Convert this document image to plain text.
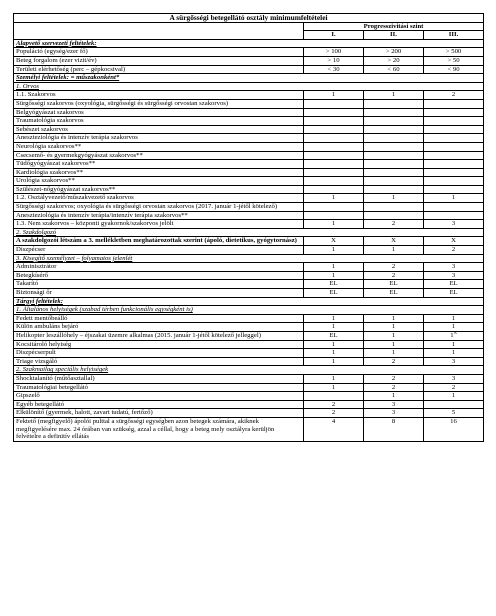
A sürgősségi betegellátó osztály minimumfeltételei			
	Progresszivitási szint		
	I.	II.	III.
Alapvető szervezeti feltételek:			
Populáció (egység/ezer fő)	> 100	> 200	> 500
Beteg forgalom (ezer vizit/év)	> 10	> 20	> 50
Területi elérhetőség (perc – gépkocsival)	< 30	< 60	< 90
Személyi feltételek: = műszakonként*			
1. Orvos			
1.1. Szakorvos	1	1	2
Sürgősségi szakorvos (oxyológia, sürgősségi és sürgősségi orvostan szakorvos)			
Belgyógyászat szakorvos			
Traumatológia szakorvos			
Sebészet szakorvos			
Aneszteziológia és intenzív terápia szakorvos			
Neurológia szakorvos**			
Csecsemő- és gyermekgyógyászat szakorvos**			
Tüdőgyógyászat szakorvos**			
Kardiológia szakorvos**			
Urológia szakorvos**			
Szülészet-nőgyógyászat szakorvos**			
1.2. Osztályvezető/műszakvezető szakorvos	1	1	1
Sürgősségi szakorvos; oxyológia és sürgősségi orvostan szakorvos (2017. január 1-jétől kötelező)			
Aneszteziológia és intenzív terápia/intenzív terápia szakorvos**			
1.3. Nem szakorvos – központi gyakornok/szakorvos jelölt	1	2	3
2. Szakdolgozó			
A szakdolgozói létszám a 3. mellékletben meghatározottak szerint (ápoló, dietetikus, gyógytornász)	X	X	X
Diszpécser	1	1	2
3. Kisegítő személyzet – folyamatos jelenlét			
Adminisztrátor	1	2	3
Betegkísérő	1	2	3
Takarító	EL	EL	EL
Biztonsági őr	EL	EL	EL
Tárgyi feltételek:			
1. Általános helyiségek (szabad térben funkcionális egységként is)			
Fedett mentőbeálló	1	1	1
Külön ambuláns bejáró	1	1	1
Helikopter leszállóhely – éjszakai üzemre alkalmas (2015. január 1-jétől kötelező jelleggel)	EL	1	$1^A$
Kocsitároló helyiség	1	1	1
Diszpécserpult	1	1	1
Triage vizsgáló	1	2	3
2. Szakmailag speciális helyiségek			
Shocktalanító (műtőasztallal)	1	2	3
Traumatológiai betegellátó	1	2	2
Gipszelő		1	1
Egyéb betegellátó	2	3	
Elkülönítő (gyermek, halott, zavart tudatú, fertőző)	2	3	5
Fektető (megfigyelő) ápolói pulttal a sürgősségi egységben azon betegek számára, akiknek megfigyelésére max. 24 órában van szükség, azzal a céllal, hogy a beteg mely osztályra kerüljön felvételre a definitív ellátás	4	8	16
